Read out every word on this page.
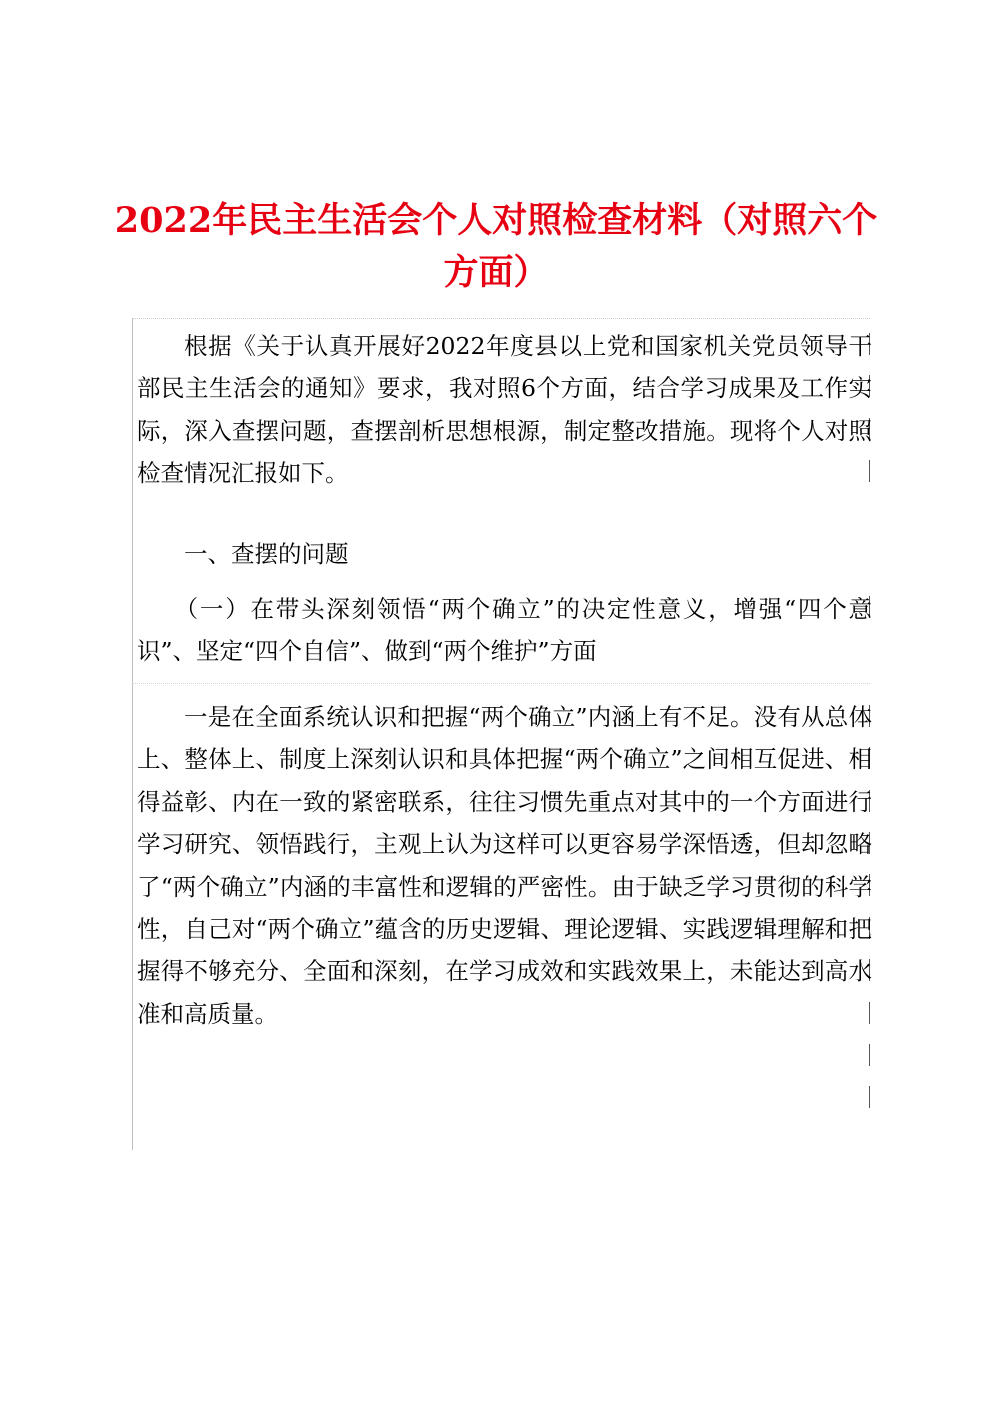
2022年民主生活会个人对照检查材料（对照六个方面）

根据《关于认真开展好2022年度县以上党和国家机关党员领导干部民主生活会的通知》要求，我对照6个方面，结合学习成果及工作实际，深入查摆问题，查摆剖析思想根源，制定整改措施。现将个人对照检查情况汇报如下。

一、查摆的问题

（一）在带头深刻领悟“两个确立”的决定性意义，增强“四个意识”、坚定“四个自信”、做到“两个维护”方面

一是在全面系统认识和把握“两个确立”内涵上有不足。没有从总体上、整体上、制度上深刻认识和具体把握“两个确立”之间相互促进、相得益彰、内在一致的紧密联系，往往习惯先重点对其中的一个方面进行学习研究、领悟践行，主观上认为这样可以更容易学深悟透，但却忽略了“两个确立”内涵的丰富性和逻辑的严密性。由于缺乏学习贯彻的科学性，自己对“两个确立”蕴含的历史逻辑、理论逻辑、实践逻辑理解和把握得不够充分、全面和深刻，在学习成效和实践效果上，未能达到高水准和高质量。
